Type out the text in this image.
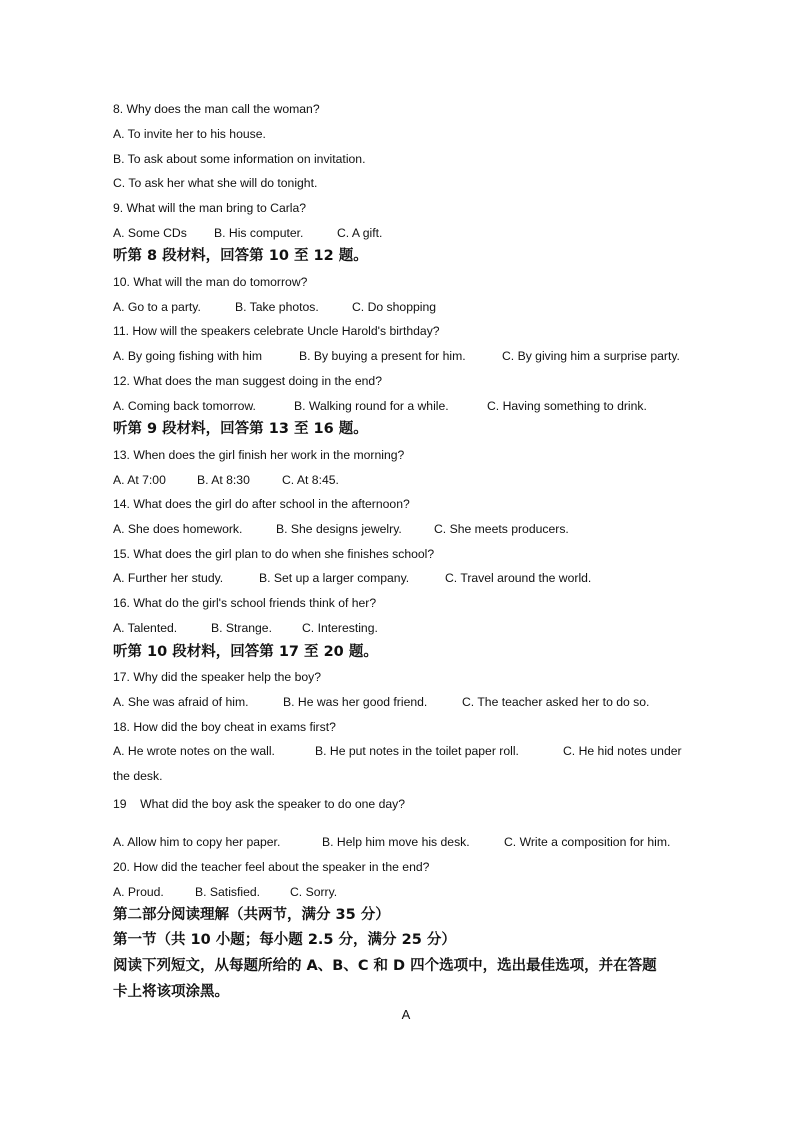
8. Why does the man call the woman?
A. To invite her to his house.
B. To ask about some information on invitation.
C. To ask her what she will do tonight.
9. What will the man bring to Carla?
A. Some CDs	B. His computer.	C. A gift.
听第 8 段材料，回答第 10 至 12 题。
10. What will the man do tomorrow?
A. Go to a party.	B. Take photos.	C. Do shopping
11. How will the speakers celebrate Uncle Harold's birthday?
A. By going fishing with him	B. By buying a present for him.	C. By giving him a surprise party.
12. What does the man suggest doing in the end?
A. Coming back tomorrow.	B. Walking round for a while.	C. Having something to drink.
听第 9 段材料，回答第 13 至 16 题。
13. When does the girl finish her work in the morning?
A. At 7:00	B. At 8:30	C. At 8:45.
14. What does the girl do after school in the afternoon?
A. She does homework.	B. She designs jewelry.	C. She meets producers.
15. What does the girl plan to do when she finishes school?
A. Further her study.	B. Set up a larger company.	C. Travel around the world.
16. What do the girl's school friends think of her?
A. Talented.	B. Strange.	C. Interesting.
听第 10 段材料，回答第 17 至 20 题。
17. Why did the speaker help the boy?
A. She was afraid of him.	B. He was her good friend.	C. The teacher asked her to do so.
18. How did the boy cheat in exams first?
A. He wrote notes on the wall.	B. He put notes in the toilet paper roll.	C. He hid notes under
the desk.
19    What did the boy ask the speaker to do one day?
A. Allow him to copy her paper.	B. Help him move his desk.	C. Write a composition for him.
20. How did the teacher feel about the speaker in the end?
A. Proud.	B. Satisfied.	C. Sorry.
第二部分阅读理解（共两节，满分 35 分）
第一节（共 10 小题；每小题 2.5 分，满分 25 分）
阅读下列短文，从每题所给的 A、B、C 和 D 四个选项中，选出最佳选项，并在答题
卡上将该项涂黑。
A
